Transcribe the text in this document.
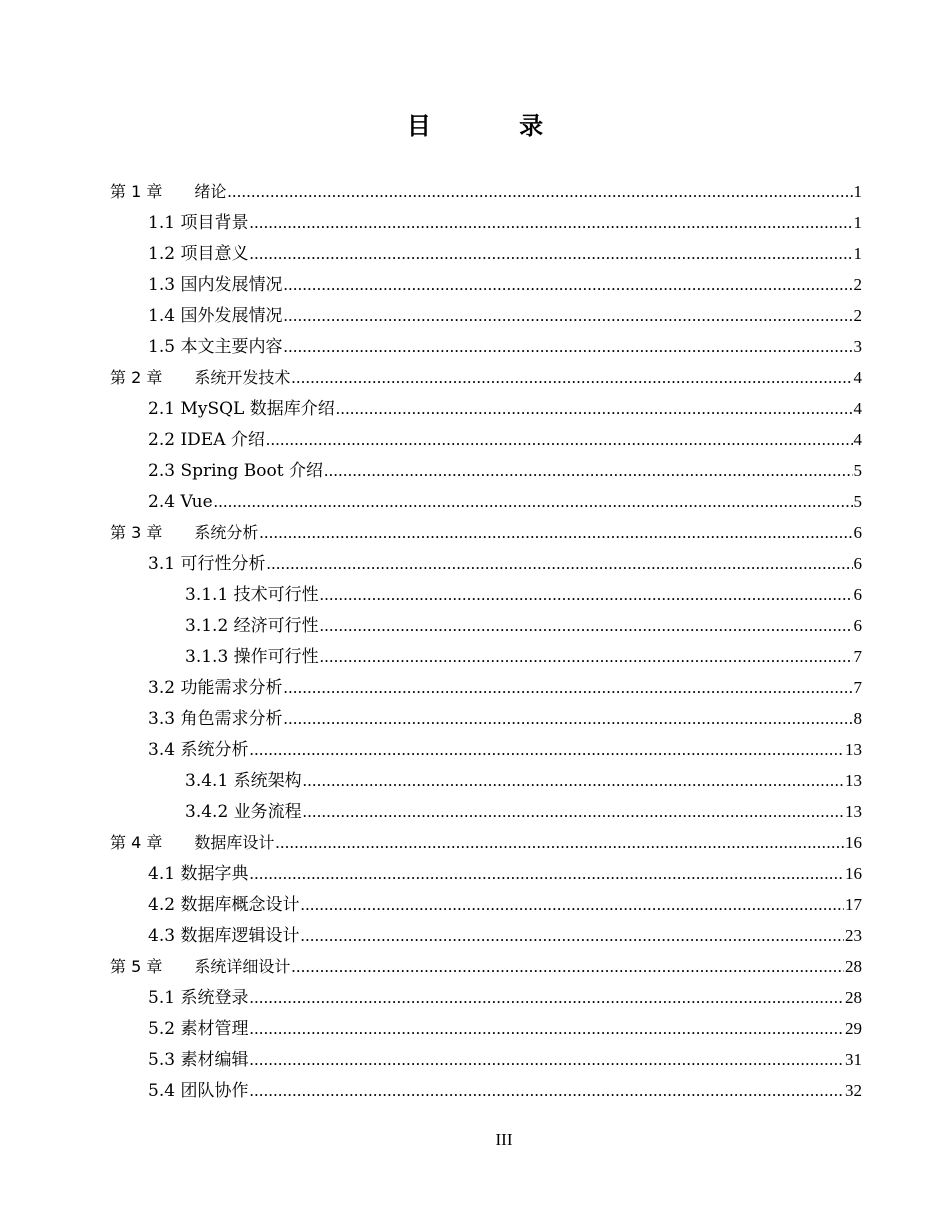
目 录
第 1 章　　绪论 .....	1
1.1 项目背景 .....	1
1.2 项目意义 .....	1
1.3 国内发展情况 .....	2
1.4 国外发展情况 .....	2
1.5 本文主要内容 .....	3
第 2 章　　系统开发技术 .....	4
2.1 MySQL 数据库介绍 .....	4
2.2 IDEA 介绍 .....	4
2.3 Spring Boot 介绍 .....	5
2.4 Vue .....	5
第 3 章　　系统分析 .....	6
3.1 可行性分析 .....	6
3.1.1 技术可行性 .....	6
3.1.2 经济可行性 .....	6
3.1.3 操作可行性 .....	7
3.2 功能需求分析 .....	7
3.3 角色需求分析 .....	8
3.4 系统分析 .....	13
3.4.1 系统架构 .....	13
3.4.2 业务流程 .....	13
第 4 章　　数据库设计 .....	16
4.1 数据字典 .....	16
4.2 数据库概念设计 .....	17
4.3 数据库逻辑设计 .....	23
第 5 章　　系统详细设计 .....	28
5.1 系统登录 .....	28
5.2 素材管理 .....	29
5.3 素材编辑 .....	31
5.4 团队协作 .....	32
III
